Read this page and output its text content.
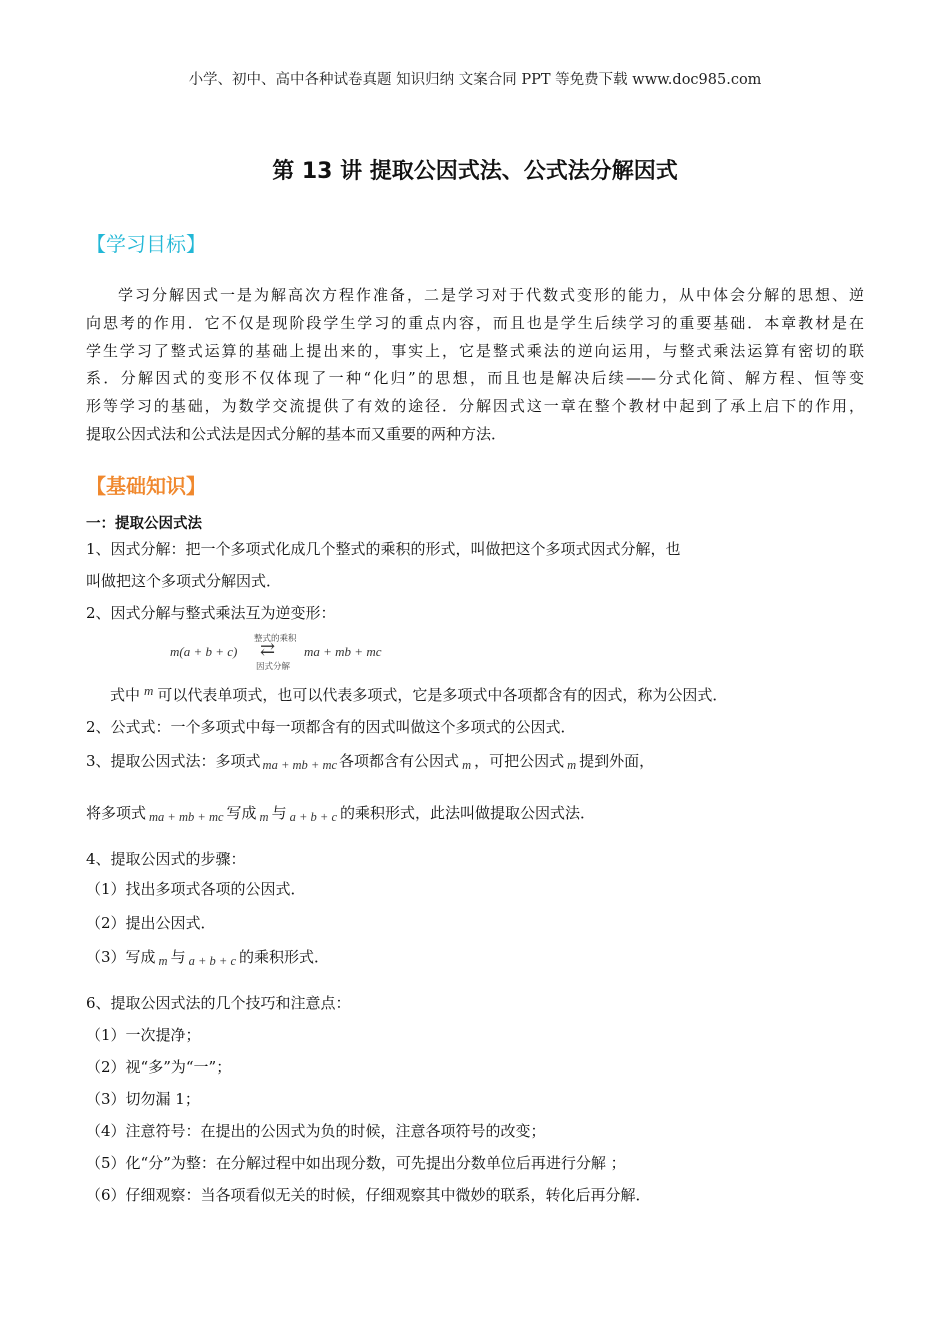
小学、初中、高中各种试卷真题 知识归纳 文案合同 PPT 等免费下载 www.doc985.com
第 13 讲 提取公因式法、公式法分解因式
【学习目标】
学习分解因式一是为解高次方程作准备，二是学习对于代数式变形的能力，从中体会分解的思想、逆
向思考的作用．它不仅是现阶段学生学习的重点内容，而且也是学生后续学习的重要基础．本章教材是在
学生学习了整式运算的基础上提出来的，事实上，它是整式乘法的逆向运用，与整式乘法运算有密切的联
系．分解因式的变形不仅体现了一种“化归”的思想，而且也是解决后续——分式化简、解方程、恒等变
形等学习的基础，为数学交流提供了有效的途径．分解因式这一章在整个教材中起到了承上启下的作用，
提取公因式法和公式法是因式分解的基本而又重要的两种方法．
【基础知识】
一：提取公因式法
1、因式分解：把一个多项式化成几个整式的乘积的形式，叫做把这个多项式因式分解，也
叫做把这个多项式分解因式．
2、因式分解与整式乘法互为逆变形：
m(a + b + c)
整式的乘积
⇄
因式分解
ma + mb + mc
式中 m 可以代表单项式，也可以代表多项式，它是多项式中各项都含有的因式，称为公因式．
2、公式式：一个多项式中每一项都含有的因式叫做这个多项式的公因式．
3、提取公因式法：多项式 $_{ma + mb + mc}$ 各项都含有公因式 $_m$ ，可把公因式 $_m$ 提到外面，
将多项式 $_{ma + mb + mc}$ 写成 $_m$ 与 $_{a + b + c}$ 的乘积形式，此法叫做提取公因式法．
4、提取公因式的步骤：
（1）找出多项式各项的公因式．
（2）提出公因式．
（3）写成 $_m$ 与 $_{a + b + c}$ 的乘积形式．
6、提取公因式法的几个技巧和注意点：
（1）一次提净；
（2）视“多”为“一”；
（3）切勿漏 1；
（4）注意符号：在提出的公因式为负的时候，注意各项符号的改变；
（5）化“分”为整：在分解过程中如出现分数，可先提出分数单位后再进行分解 ；
（6）仔细观察：当各项看似无关的时候，仔细观察其中微妙的联系，转化后再分解．
